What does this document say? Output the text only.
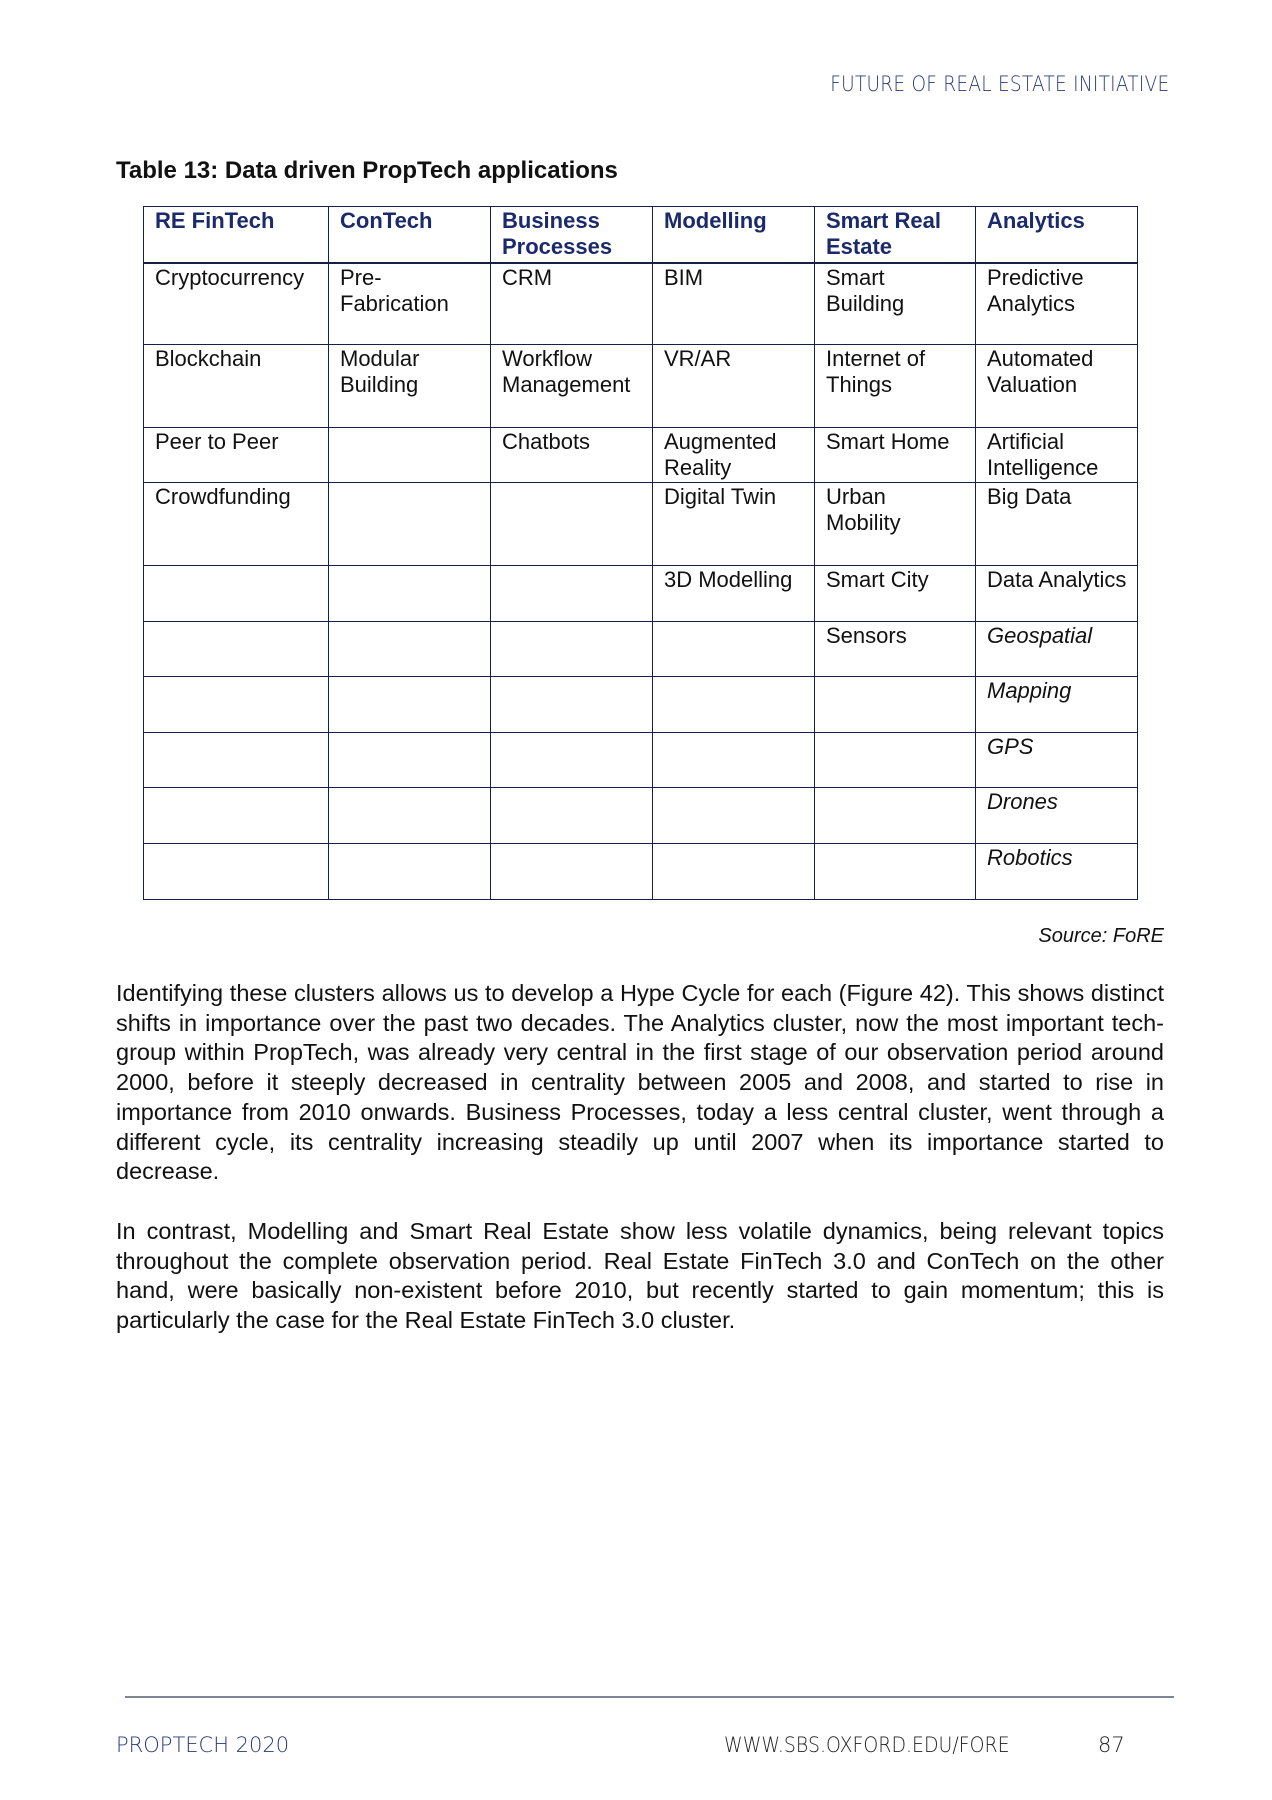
FUTURE OF REAL ESTATE INITIATIVE
Table 13: Data driven PropTech applications
RE FinTech	ConTech	Business Processes	Modelling	Smart Real Estate	Analytics
Cryptocurrency	Pre-Fabrication	CRM	BIM	Smart Building	Predictive Analytics
Blockchain	Modular Building	Workflow Management	VR/AR	Internet of Things	Automated Valuation
Peer to Peer		Chatbots	Augmented Reality	Smart Home	Artificial Intelligence
Crowdfunding			Digital Twin	Urban Mobility	Big Data
			3D Modelling	Smart City	Data Analytics
				Sensors	Geospatial
					Mapping
					GPS
					Drones
					Robotics
Source: FoRE
Identifying these clusters allows us to develop a Hype Cycle for each (Figure 42). This shows distinct shifts in importance over the past two decades. The Analytics cluster, now the most important tech-group within PropTech, was already very central in the first stage of our observation period around 2000, before it steeply decreased in centrality between 2005 and 2008, and started to rise in importance from 2010 onwards. Business Processes, today a less central cluster, went through a different cycle, its centrality increasing steadily up until 2007 when its importance started to decrease.
In contrast, Modelling and Smart Real Estate show less volatile dynamics, being relevant topics throughout the complete observation period. Real Estate FinTech 3.0 and ConTech on the other hand, were basically non-existent before 2010, but recently started to gain momentum; this is particularly the case for the Real Estate FinTech 3.0 cluster.
PROPTECH 2020	WWW.SBS.OXFORD.EDU/FORE	87
